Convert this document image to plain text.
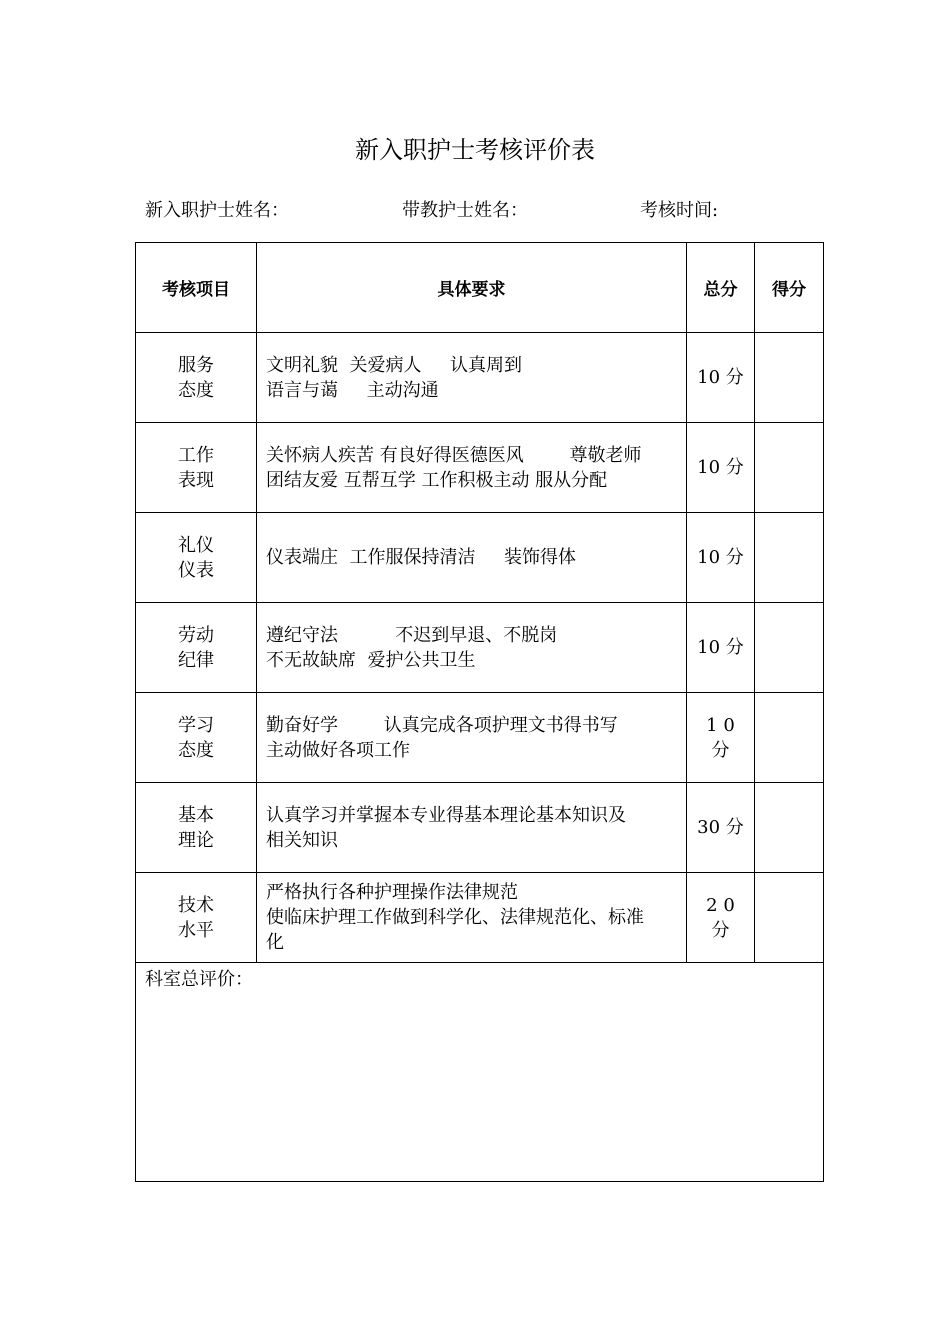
新入职护士考核评价表
新入职护士姓名：	带教护士姓名：	考核时间:
考核项目	具体要求	总分	得分

服务
态度	文明礼貌  关爱病人     认真周到
语言与蔼     主动沟通	10 分	

工作
表现	关怀病人疾苦 有良好得医德医风        尊敬老师
团结友爱 互帮互学 工作积极主动 服从分配	10 分	

礼仪
仪表	仪表端庄  工作服保持清洁     装饰得体	10 分	

劳动
纪律	遵纪守法          不迟到早退、不脱岗
不无故缺席  爱护公共卫生	10 分	

学习
态度	勤奋好学        认真完成各项护理文书得书写
主动做好各项工作	1 0
分	

基本
理论	认真学习并掌握本专业得基本理论基本知识及
相关知识	30 分	

技术
水平	严格执行各种护理操作法律规范
使临床护理工作做到科学化、法律规范化、标准
化	2 0
分	

科室总评价：			
